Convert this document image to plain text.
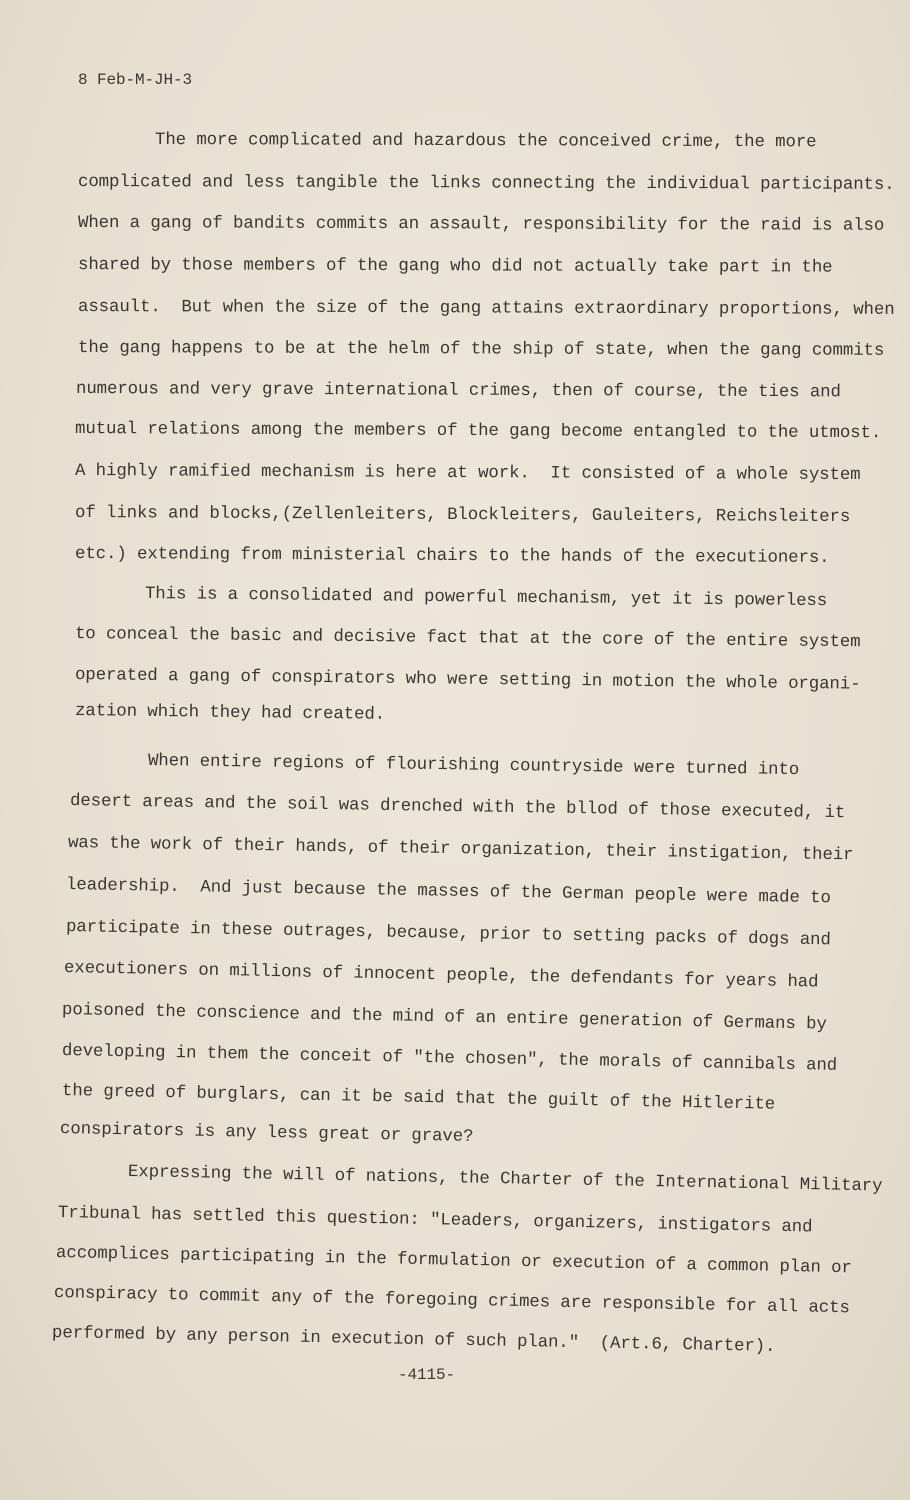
8 Feb-M-JH-3
The more complicated and hazardous the conceived crime, the more
complicated and less tangible the links connecting the individual participants.
When a gang of bandits commits an assault, responsibility for the raid is also
shared by those members of the gang who did not actually take part in the
assault.  But when the size of the gang attains extraordinary proportions, when
the gang happens to be at the helm of the ship of state, when the gang commits
numerous and very grave international crimes, then of course, the ties and
mutual relations among the members of the gang become entangled to the utmost.
A highly ramified mechanism is here at work.  It consisted of a whole system
of links and blocks,(Zellenleiters, Blockleiters, Gauleiters, Reichsleiters
etc.) extending from ministerial chairs to the hands of the executioners.
This is a consolidated and powerful mechanism, yet it is powerless
to conceal the basic and decisive fact that at the core of the entire system
operated a gang of conspirators who were setting in motion the whole organi-
zation which they had created.
When entire regions of flourishing countryside were turned into
desert areas and the soil was drenched with the bllod of those executed, it
was the work of their hands, of their organization, their instigation, their
leadership.  And just because the masses of the German people were made to
participate in these outrages, because, prior to setting packs of dogs and
executioners on millions of innocent people, the defendants for years had
poisoned the conscience and the mind of an entire generation of Germans by
developing in them the conceit of "the chosen", the morals of cannibals and
the greed of burglars, can it be said that the guilt of the Hitlerite
conspirators is any less great or grave?
Expressing the will of nations, the Charter of the International Military
Tribunal has settled this question: "Leaders, organizers, instigators and
accomplices participating in the formulation or execution of a common plan or
conspiracy to commit any of the foregoing crimes are responsible for all acts
performed by any person in execution of such plan."  (Art.6, Charter).
-4115-
